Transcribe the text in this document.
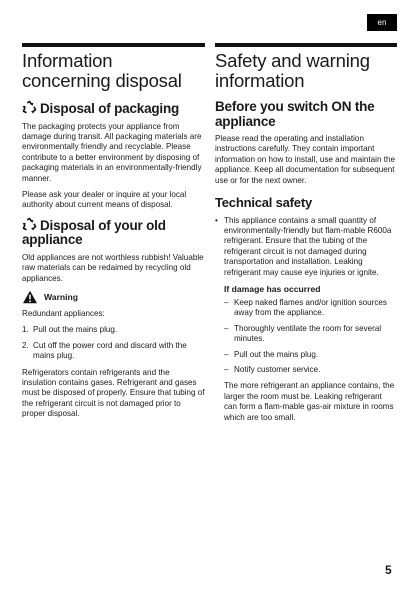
en
Information concerning disposal
Disposal of packaging

The packaging protects your appliance from damage during transit. All packaging materials are environmentally friendly and recyclable. Please contribute to a better environment by disposing of packaging materials in an environmentally-friendly manner.

Please ask your dealer or inquire at your local authority about current means of disposal.

Disposal of your old appliance

Old appliances are not worthless rubbish! Valuable raw materials can be redaimed by recycling old appliances.

Warning

Redundant appliances:

1. Pull out the mains plug.
2. Cut off the power cord and discard with the mains plug.

Refrigerators contain refrigerants and the insulation contains gases. Refrigerant and gases must be disposed of properly. Ensure that tubing of the refrigerant circuit is not damaged prior to proper disposal.

Safety and warning information
Before you switch ON the appliance

Please read the operating and installation instructions carefully. They contain important information on how to install, use and maintain the appliance. Keep all documentation for subsequent use or for the next owner.

Technical safety
• This appliance contains a small quantity of environmentally-friendly but flam-mable R600a refrigerant. Ensure that the tubing of the refrigerant circuit is not damaged during transportation and installation. Leaking refrigerant may cause eye injuries or ignite.
If damage has occurred
– Keep naked flames and/or ignition sources away from the appliance.
– Thoroughly ventilate the room for several minutes.
– Pull out the mains plug.
– Notify customer service.

The more refrigerant an appliance contains, the larger the room must be. Leaking refrigerant can form a flam-mable gas-air mixture in rooms which are too small.

5
